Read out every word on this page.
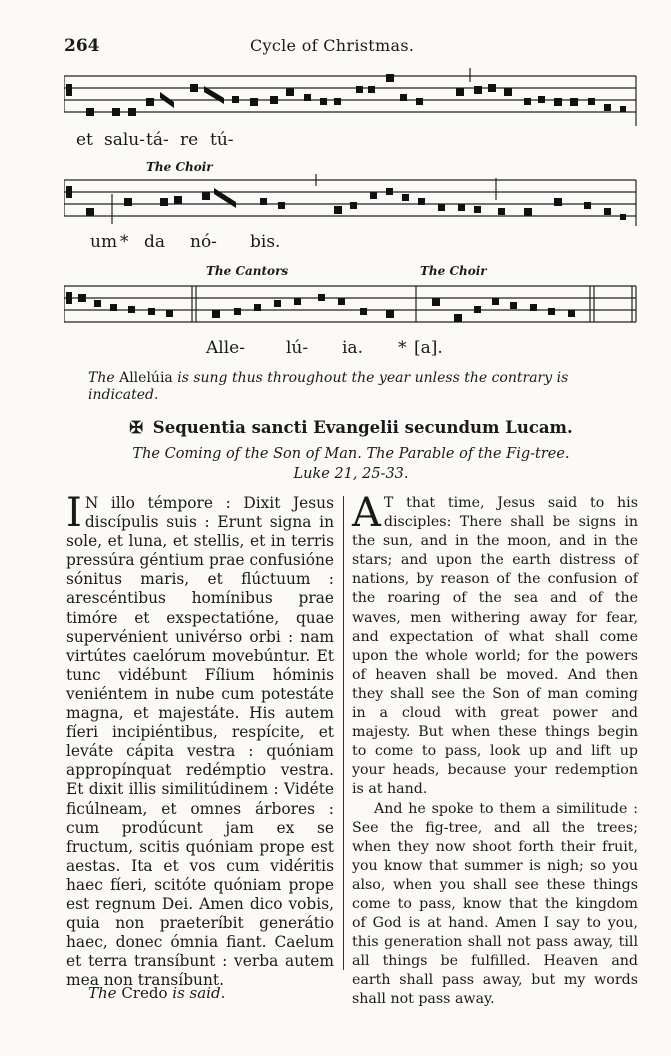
264	Cycle of Christmas.
et salu- tá- re tú-
The Choir
um * da nó- bis.
The Cantors	The Choir
Alle- lú- ia. * [a].
The Allelúia is sung thus throughout the year unless the contrary is indicated.
✠ Sequentia sancti Evangelii secundum Lucam.
The Coming of the Son of Man. The Parable of the Fig-tree.
Luke 21, 25-33.

I N illo témpore : Dixit Jesus discípulis suis : Erunt signa in sole, et luna, et stellis, et in terris pressúra géntium prae confusióne sónitus maris, et flúctuum : arescéntibus homínibus prae timóre et exspectatióne, quae supervénient univérso orbi : nam virtútes caelórum movebúntur. Et tunc vidébunt Fílium hóminis veniéntem in nube cum potestáte magna, et majestáte. His autem fíeri incipiéntibus, respícite, et leváte cápita vestra : quóniam appropínquat redémptio vestra. Et dixit illis similitúdinem : Vidéte ficúlneam, et omnes árbores : cum prodúcunt jam ex se fructum, scitis quóniam prope est aestas. Ita et vos cum vidéritis haec fíeri, scitóte quóniam prope est regnum Dei. Amen dico vobis, quia non praeteríbit generátio haec, donec ómnia fiant. Caelum et terra transíbunt : verba autem mea non transíbunt.

A T that time, Jesus said to his disciples: There shall be signs in the sun, and in the moon, and in the stars; and upon the earth distress of nations, by reason of the confusion of the roaring of the sea and of the waves, men withering away for fear, and expectation of what shall come upon the whole world; for the powers of heaven shall be moved. And then they shall see the Son of man coming in a cloud with great power and majesty. But when these things begin to come to pass, look up and lift up your heads, because your redemption is at hand.

And he spoke to them a similitude : See the fig-tree, and all the trees; when they now shoot forth their fruit, you know that summer is nigh; so you also, when you shall see these things come to pass, know that the kingdom of God is at hand. Amen I say to you, this generation shall not pass away, till all things be fulfilled. Heaven and earth shall pass away, but my words shall not pass away.

The Credo is said.
